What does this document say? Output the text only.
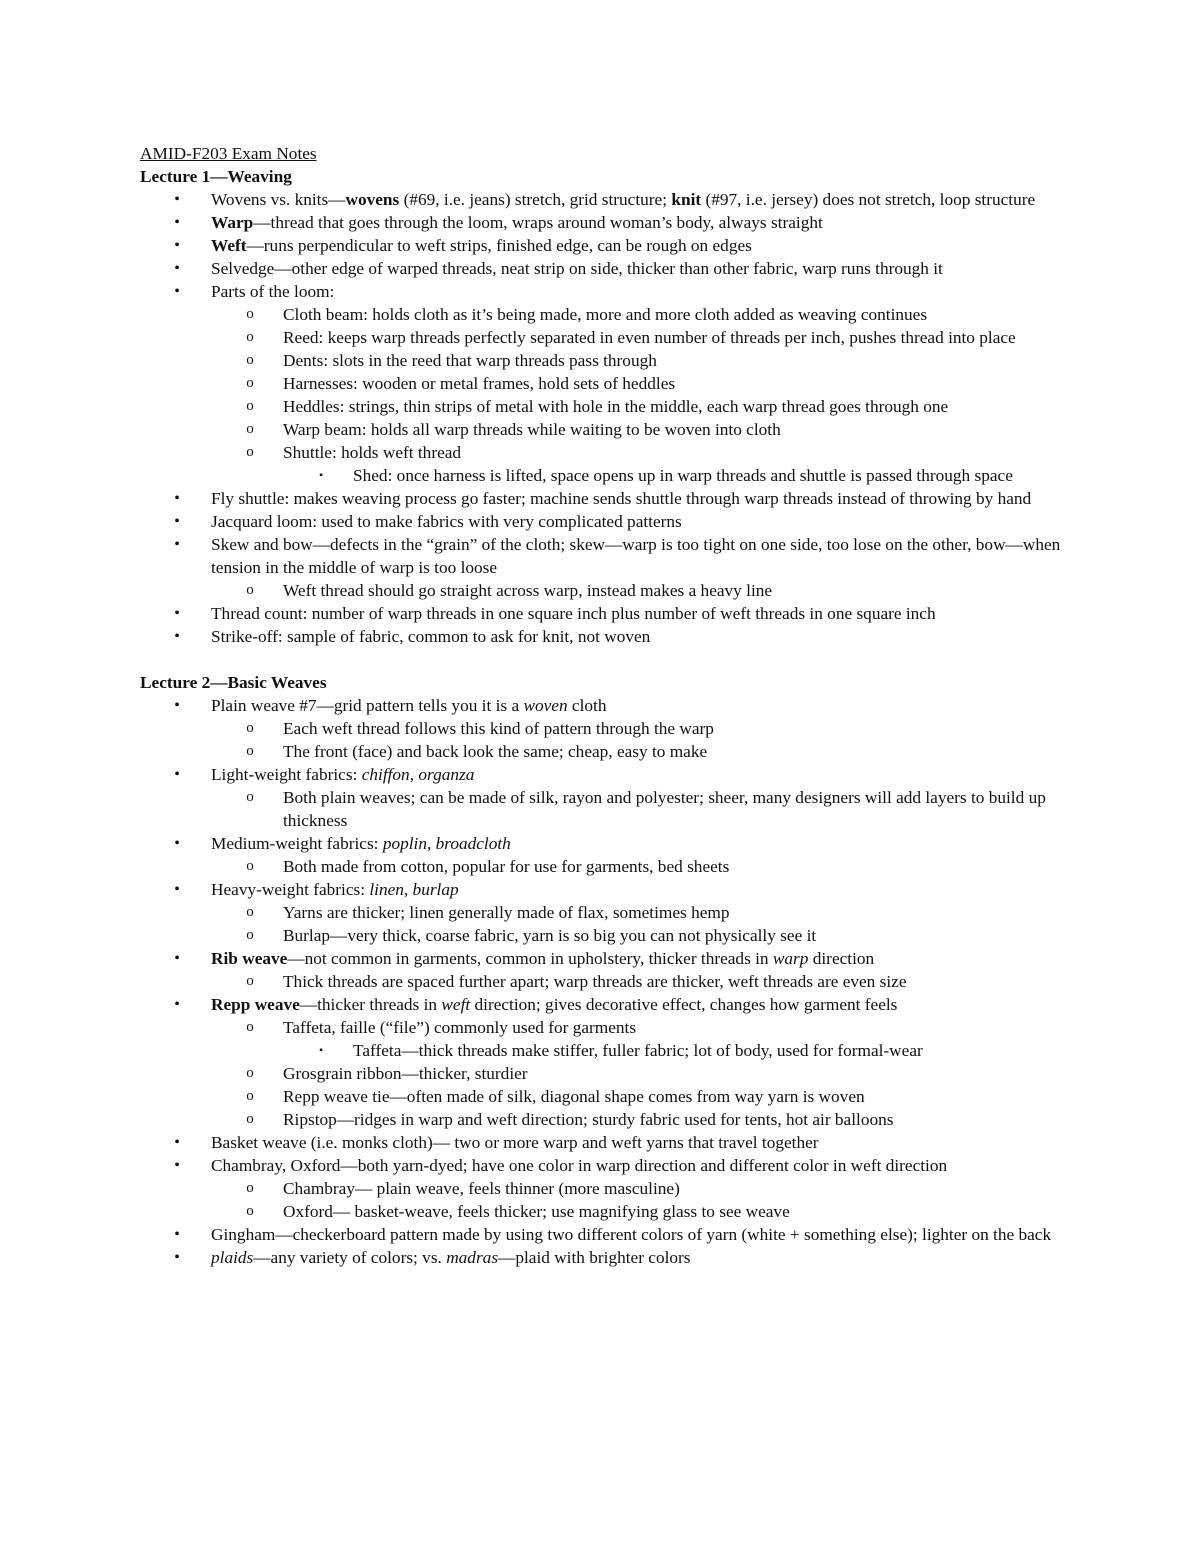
AMID-F203 Exam Notes
Lecture 1—Weaving
•	Wovens vs. knits—wovens (#69, i.e. jeans) stretch, grid structure; knit (#97, i.e. jersey) does not stretch, loop structure
•	Warp—thread that goes through the loom, wraps around woman’s body, always straight
•	Weft—runs perpendicular to weft strips, finished edge, can be rough on edges
•	Selvedge—other edge of warped threads, neat strip on side, thicker than other fabric, warp runs through it
•	Parts of the loom:
o	Cloth beam: holds cloth as it’s being made, more and more cloth added as weaving continues
o	Reed: keeps warp threads perfectly separated in even number of threads per inch, pushes thread into place
o	Dents: slots in the reed that warp threads pass through
o	Harnesses: wooden or metal frames, hold sets of heddles
o	Heddles: strings, thin strips of metal with hole in the middle, each warp thread goes through one
o	Warp beam: holds all warp threads while waiting to be woven into cloth
o	Shuttle: holds weft thread
▪	Shed: once harness is lifted, space opens up in warp threads and shuttle is passed through space
•	Fly shuttle: makes weaving process go faster; machine sends shuttle through warp threads instead of throwing by hand
•	Jacquard loom: used to make fabrics with very complicated patterns
•	Skew and bow—defects in the “grain” of the cloth; skew—warp is too tight on one side, too lose on the other, bow—when tension in the middle of warp is too loose
o	Weft thread should go straight across warp, instead makes a heavy line
•	Thread count: number of warp threads in one square inch plus number of weft threads in one square inch
•	Strike-off: sample of fabric, common to ask for knit, not woven
Lecture 2—Basic Weaves
•	Plain weave #7—grid pattern tells you it is a woven cloth
o	Each weft thread follows this kind of pattern through the warp
o	The front (face) and back look the same; cheap, easy to make
•	Light-weight fabrics: chiffon, organza
o	Both plain weaves; can be made of silk, rayon and polyester; sheer, many designers will add layers to build up thickness
•	Medium-weight fabrics: poplin, broadcloth
o	Both made from cotton, popular for use for garments, bed sheets
•	Heavy-weight fabrics: linen, burlap
o	Yarns are thicker; linen generally made of flax, sometimes hemp
o	Burlap—very thick, coarse fabric, yarn is so big you can not physically see it
•	Rib weave—not common in garments, common in upholstery, thicker threads in warp direction
o	Thick threads are spaced further apart; warp threads are thicker, weft threads are even size
•	Repp weave—thicker threads in weft direction; gives decorative effect, changes how garment feels
o	Taffeta, faille (“file”) commonly used for garments
▪	Taffeta—thick threads make stiffer, fuller fabric; lot of body, used for formal-wear
o	Grosgrain ribbon—thicker, sturdier
o	Repp weave tie—often made of silk, diagonal shape comes from way yarn is woven
o	Ripstop—ridges in warp and weft direction; sturdy fabric used for tents, hot air balloons
•	Basket weave (i.e. monks cloth)— two or more warp and weft yarns that travel together
•	Chambray, Oxford—both yarn-dyed; have one color in warp direction and different color in weft direction
o	Chambray— plain weave, feels thinner (more masculine)
o	Oxford— basket-weave, feels thicker; use magnifying glass to see weave
•	Gingham—checkerboard pattern made by using two different colors of yarn (white + something else); lighter on the back
•	plaids—any variety of colors; vs. madras—plaid with brighter colors
